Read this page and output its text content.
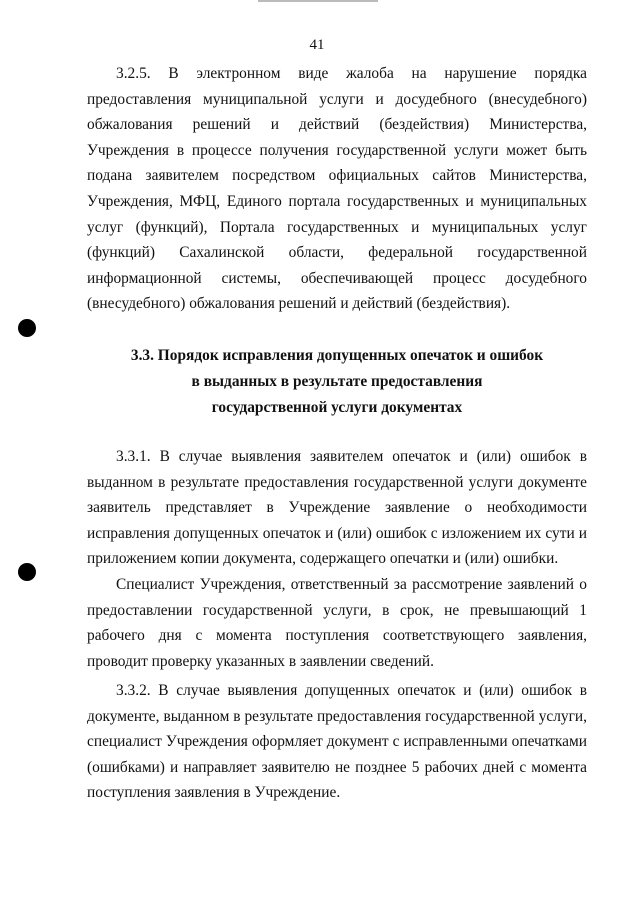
41

3.2.5. В электронном виде жалоба на нарушение порядка предоставления муниципальной услуги и досудебного (внесудебного) обжалования решений и действий (бездействия) Министерства, Учреждения в процессе получения государственной услуги может быть подана заявителем посредством официальных сайтов Министерства, Учреждения, МФЦ, Единого портала государственных и муниципальных услуг (функций), Портала государственных и муниципальных услуг (функций) Сахалинской области, федеральной государственной информационной системы, обеспечивающей процесс досудебного (внесудебного) обжалования решений и действий (бездействия).

3.3. Порядок исправления допущенных опечаток и ошибок
в выданных в результате предоставления
государственной услуги документах

3.3.1. В случае выявления заявителем опечаток и (или) ошибок в выданном в результате предоставления государственной услуги документе заявитель представляет в Учреждение заявление о необходимости исправления допущенных опечаток и (или) ошибок с изложением их сути и приложением копии документа, содержащего опечатки и (или) ошибки.

Специалист Учреждения, ответственный за рассмотрение заявлений о предоставлении государственной услуги, в срок, не превышающий 1 рабочего дня с момента поступления соответствующего заявления, проводит проверку указанных в заявлении сведений.

3.3.2. В случае выявления допущенных опечаток и (или) ошибок в документе, выданном в результате предоставления государственной услуги, специалист Учреждения оформляет документ с исправленными опечатками (ошибками) и направляет заявителю не позднее 5 рабочих дней с момента поступления заявления в Учреждение.
